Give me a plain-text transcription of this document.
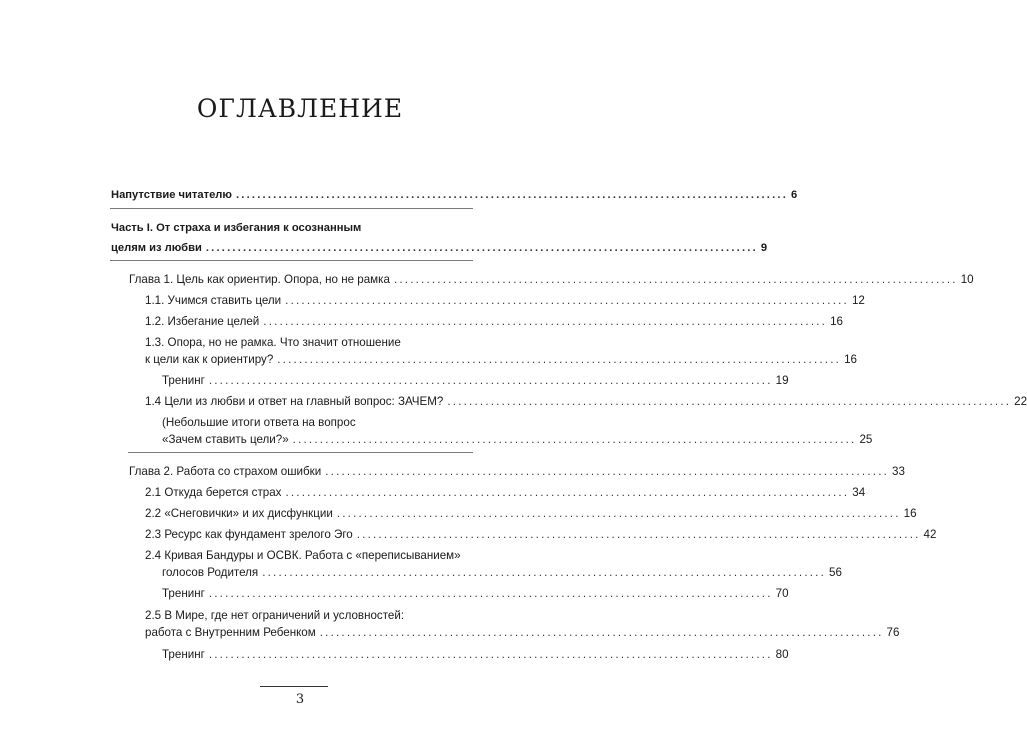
ОГЛАВЛЕНИЕ
Напутствие читателю ........................................................................................................ 6
Часть I. От страха и избегания к осознанным
целям из любви ........................................................................................................ 9
Глава 1. Цель как ориентир. Опора, но не рамка ........................................................................................................ 10
1.1. Учимся ставить цели ........................................................................................................ 12
1.2. Избегание целей ........................................................................................................ 16
1.3. Опора, но не рамка. Что значит отношение
к цели как к ориентиру? ........................................................................................................ 16
Тренинг ........................................................................................................ 19
1.4 Цели из любви и ответ на главный вопрос: ЗАЧЕМ? ........................................................................................................ 22
(Небольшие итоги ответа на вопрос
«Зачем ставить цели?» ........................................................................................................ 25
Глава 2. Работа со страхом ошибки ........................................................................................................ 33
2.1 Откуда берется страх ........................................................................................................ 34
2.2 «Снеговички» и их дисфункции ........................................................................................................ 16
2.3 Ресурс как фундамент зрелого Эго ........................................................................................................ 42
2.4 Кривая Бандуры и ОСВК. Работа с «переписыванием»
голосов Родителя ........................................................................................................ 56
Тренинг ........................................................................................................ 70
2.5 В Мире, где нет ограничений и условностей:
работа с Внутренним Ребенком ........................................................................................................ 76
Тренинг ........................................................................................................ 80
3
